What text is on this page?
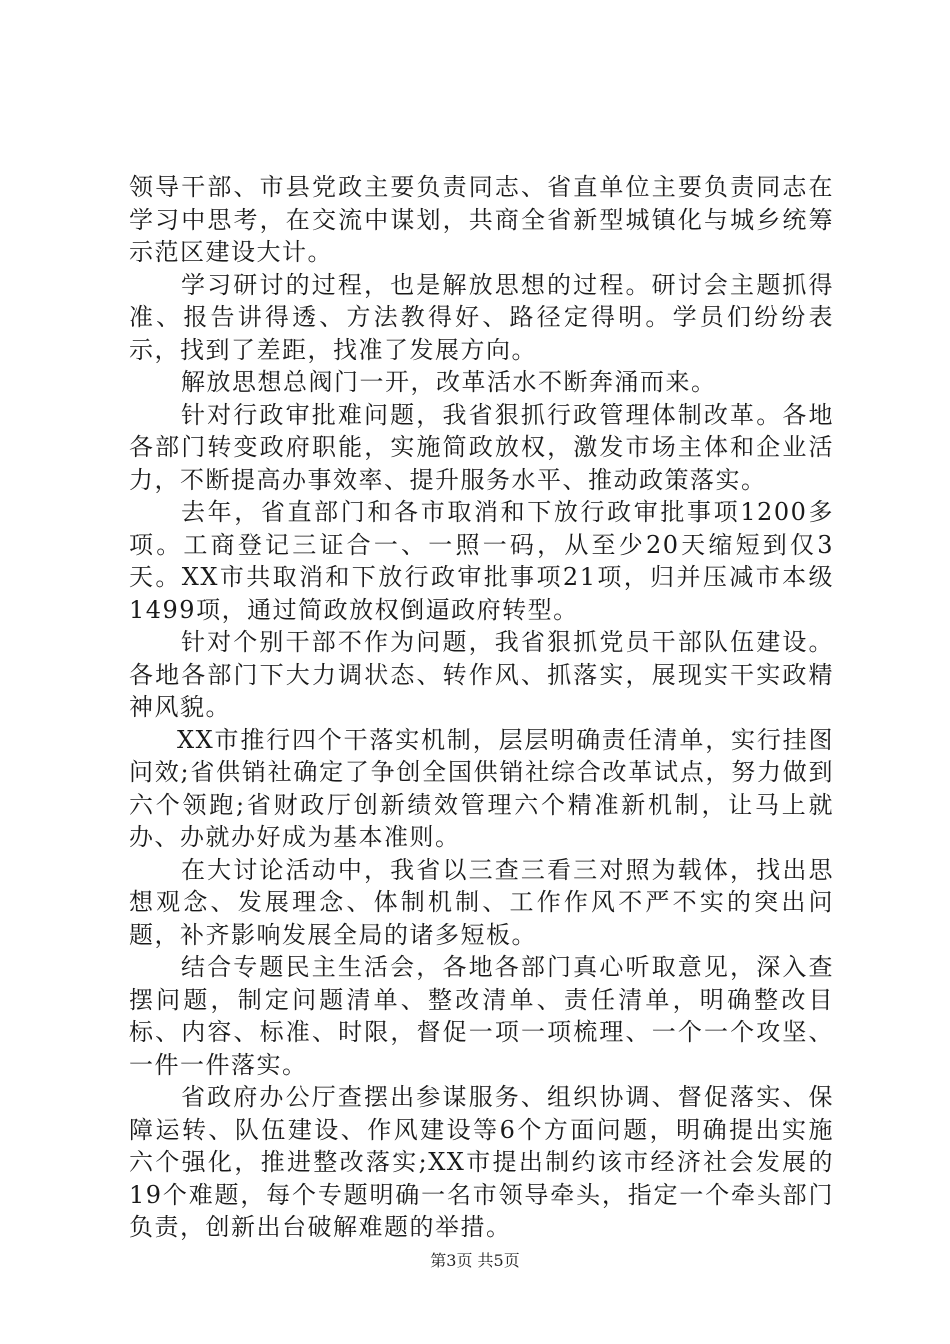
领导干部、市县党政主要负责同志、省直单位主要负责同志在学习中思考，在交流中谋划，共商全省新型城镇化与城乡统筹示范区建设大计。

学习研讨的过程，也是解放思想的过程。研讨会主题抓得准、报告讲得透、方法教得好、路径定得明。学员们纷纷表示，找到了差距，找准了发展方向。

解放思想总阀门一开，改革活水不断奔涌而来。

针对行政审批难问题，我省狠抓行政管理体制改革。各地各部门转变政府职能，实施简政放权，激发市场主体和企业活力，不断提高办事效率、提升服务水平、推动政策落实。

去年，省直部门和各市取消和下放行政审批事项1200多项。工商登记三证合一、一照一码，从至少20天缩短到仅3天。XX市共取消和下放行政审批事项21项，归并压减市本级1499项，通过简政放权倒逼政府转型。

针对个别干部不作为问题，我省狠抓党员干部队伍建设。各地各部门下大力调状态、转作风、抓落实，展现实干实政精神风貌。

XX市推行四个干落实机制，层层明确责任清单，实行挂图问效;省供销社确定了争创全国供销社综合改革试点，努力做到六个领跑;省财政厅创新绩效管理六个精准新机制，让马上就办、办就办好成为基本准则。

在大讨论活动中，我省以三查三看三对照为载体，找出思想观念、发展理念、体制机制、工作作风不严不实的突出问题，补齐影响发展全局的诸多短板。

结合专题民主生活会，各地各部门真心听取意见，深入查摆问题，制定问题清单、整改清单、责任清单，明确整改目标、内容、标准、时限，督促一项一项梳理、一个一个攻坚、一件一件落实。

省政府办公厅查摆出参谋服务、组织协调、督促落实、保障运转、队伍建设、作风建设等6个方面问题，明确提出实施六个强化，推进整改落实;XX市提出制约该市经济社会发展的19个难题，每个专题明确一名市领导牵头，指定一个牵头部门负责，创新出台破解难题的举措。

第3页 共5页
